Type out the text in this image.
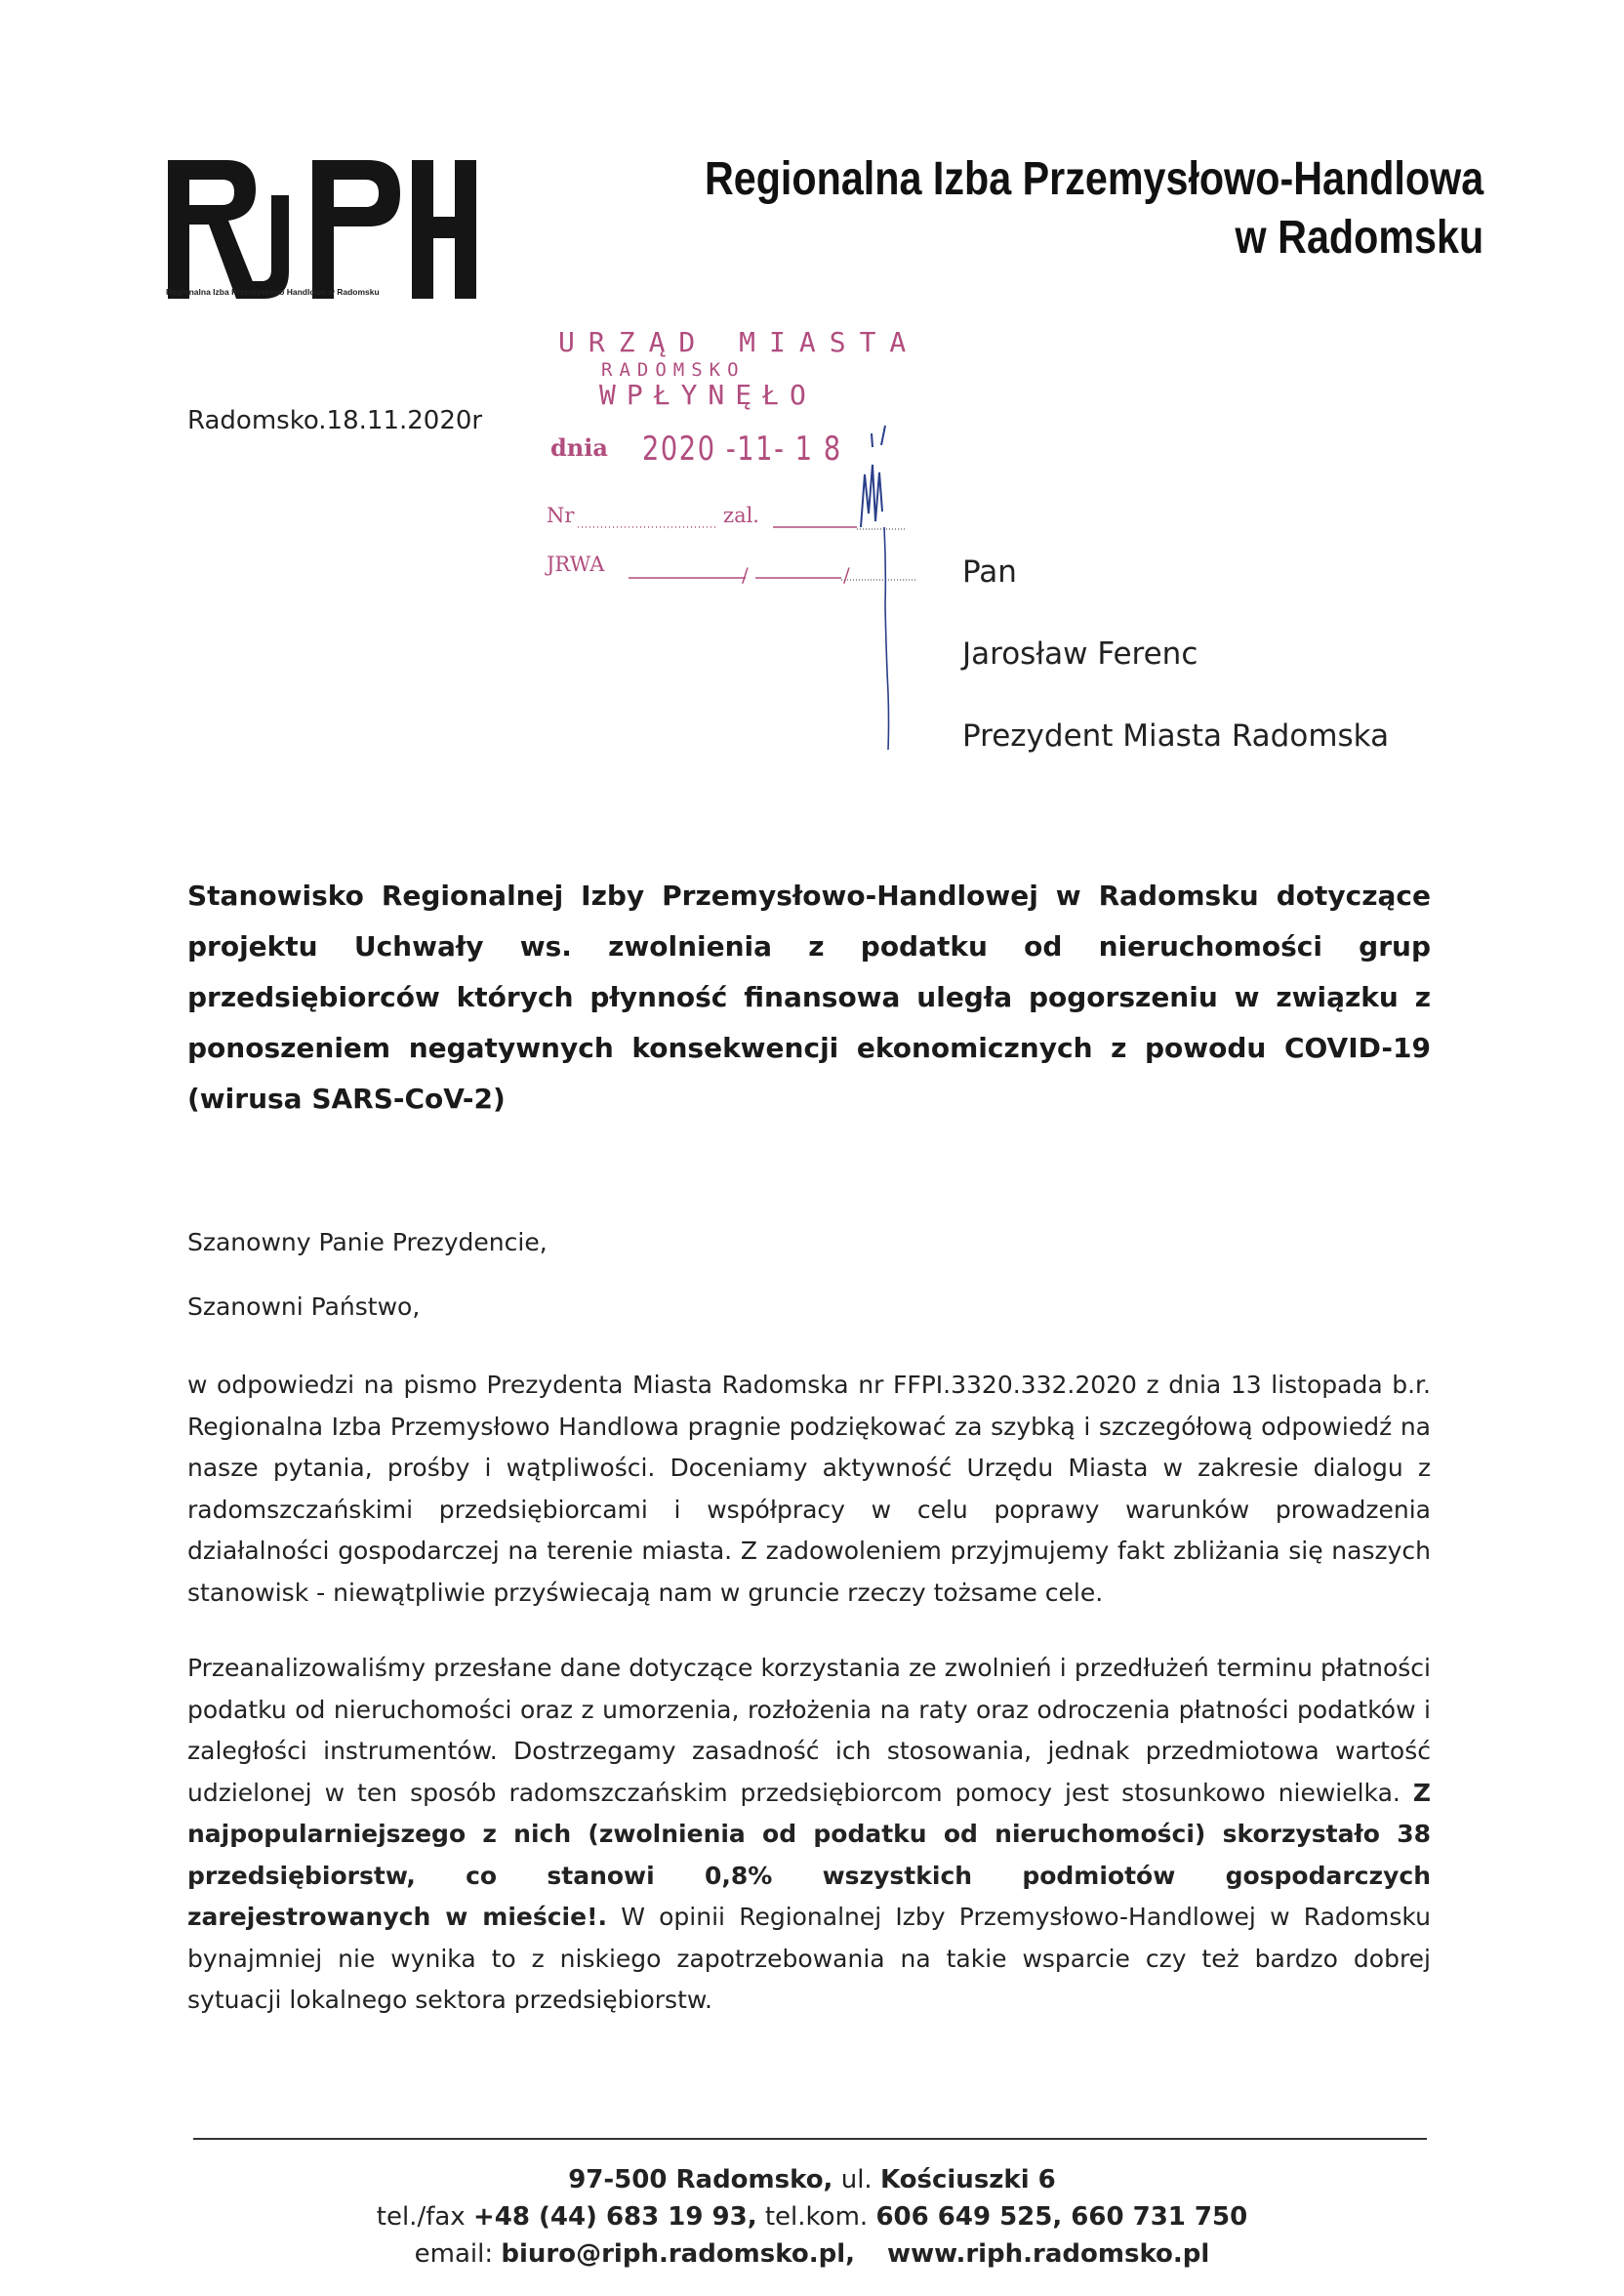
Regionalna Izba Przemysłowo Handlowa w Radomsku
Regionalna Izba Przemysłowo-Handlowa
w Radomsku
Radomsko.18.11.2020r
URZĄD MIASTA
RADOMSKO
WPŁYNĘŁO
dnia 2020 -11- 1 8
Nr	zal.
JRWA	/	/	Pan
Jarosław Ferenc
Prezydent Miasta Radomska
Stanowisko Regionalnej Izby Przemysłowo-Handlowej w Radomsku dotyczące projektu Uchwały ws. zwolnienia z podatku od nieruchomości grup przedsiębiorców których płynność finansowa uległa pogorszeniu w związku z ponoszeniem negatywnych konsekwencji ekonomicznych z powodu COVID-19 (wirusa SARS-CoV-2)
Szanowny Panie Prezydencie,
Szanowni Państwo,
w odpowiedzi na pismo Prezydenta Miasta Radomska nr FFPI.3320.332.2020 z dnia 13 listopada b.r. Regionalna Izba Przemysłowo Handlowa pragnie podziękować za szybką i szczegółową odpowiedź na nasze pytania, prośby i wątpliwości. Doceniamy aktywność Urzędu Miasta w zakresie dialogu z radomszczańskimi przedsiębiorcami i współpracy w celu poprawy warunków prowadzenia działalności gospodarczej na terenie miasta. Z zadowoleniem przyjmujemy fakt zbliżania się naszych stanowisk - niewątpliwie przyświecają nam w gruncie rzeczy tożsame cele.
Przeanalizowaliśmy przesłane dane dotyczące korzystania ze zwolnień i przedłużeń terminu płatności podatku od nieruchomości oraz z umorzenia, rozłożenia na raty oraz odroczenia płatności podatków i zaległości instrumentów. Dostrzegamy zasadność ich stosowania, jednak przedmiotowa wartość udzielonej w ten sposób radomszczańskim przedsiębiorcom pomocy jest stosunkowo niewielka. Z najpopularniejszego z nich (zwolnienia od podatku od nieruchomości) skorzystało 38 przedsiębiorstw, co stanowi 0,8% wszystkich podmiotów gospodarczych zarejestrowanych w mieście!. W opinii Regionalnej Izby Przemysłowo-Handlowej w Radomsku bynajmniej nie wynika to z niskiego zapotrzebowania na takie wsparcie czy też bardzo dobrej sytuacji lokalnego sektora przedsiębiorstw.
97-500 Radomsko, ul. Kościuszki 6
tel./fax +48 (44) 683 19 93, tel.kom. 606 649 525, 660 731 750
email: biuro@riph.radomsko.pl, www.riph.radomsko.pl
